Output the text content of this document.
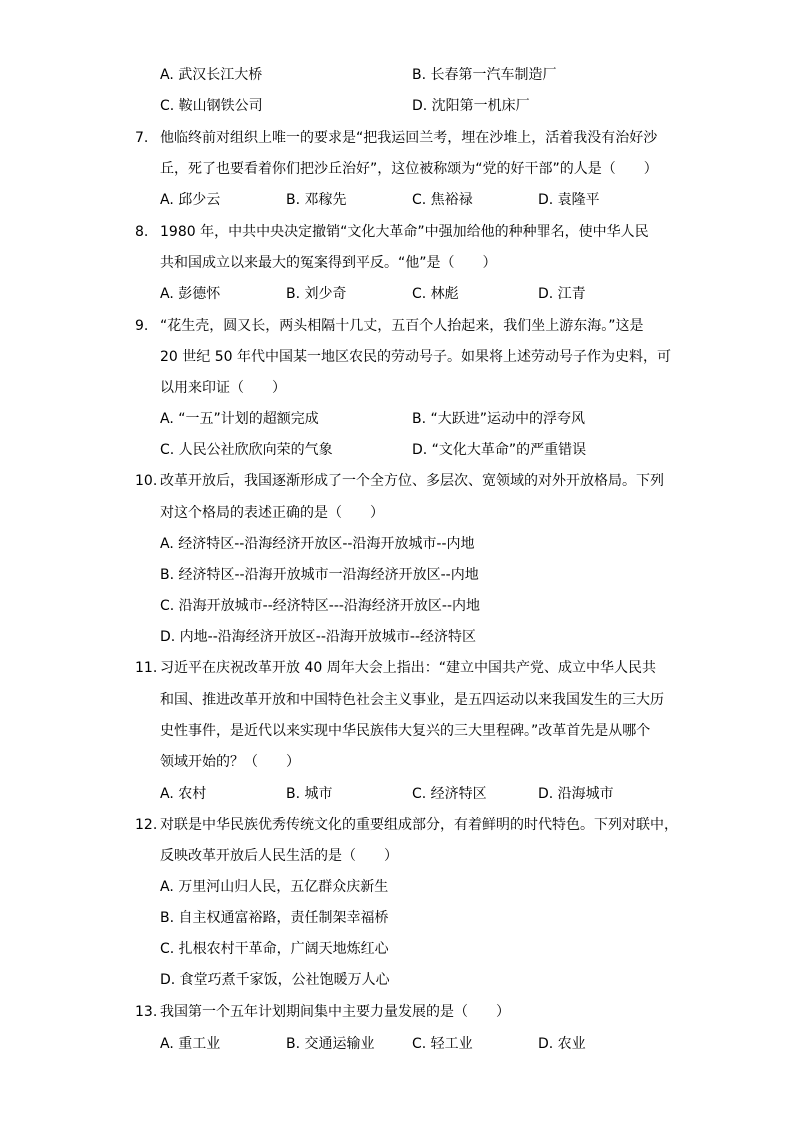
A. 武汉长江大桥	B. 长春第一汽车制造厂
C. 鞍山钢铁公司	D. 沈阳第一机床厂
7. 他临终前对组织上唯一的要求是“把我运回兰考，埋在沙堆上，活着我没有治好沙
丘，死了也要看着你们把沙丘治好”，这位被称颂为“党的好干部”的人是（　　）
A. 邱少云	B. 邓稼先	C. 焦裕禄	D. 袁隆平
8. 1980 年，中共中央决定撤销“文化大革命”中强加给他的种种罪名，使中华人民
共和国成立以来最大的冤案得到平反。“他”是（　　）
A. 彭德怀	B. 刘少奇	C. 林彪	D. 江青
9. “花生壳，圆又长，两头相隔十几丈，五百个人抬起来，我们坐上游东海。”这是
20 世纪 50 年代中国某一地区农民的劳动号子。如果将上述劳动号子作为史料，可
以用来印证（　　）
A. “一五”计划的超额完成	B. “大跃进”运动中的浮夸风
C. 人民公社欣欣向荣的气象	D. “文化大革命”的严重错误
10. 改革开放后，我国逐渐形成了一个全方位、多层次、宽领域的对外开放格局。下列
对这个格局的表述正确的是（　　）
A. 经济特区--沿海经济开放区--沿海开放城市--内地
B. 经济特区--沿海开放城市一沿海经济开放区--内地
C. 沿海开放城市--经济特区---沿海经济开放区--内地
D. 内地--沿海经济开放区--沿海开放城市--经济特区
11. 习近平在庆祝改革开放 40 周年大会上指出：“建立中国共产党、成立中华人民共
和国、推进改革开放和中国特色社会主义事业，是五四运动以来我国发生的三大历
史性事件，是近代以来实现中华民族伟大复兴的三大里程碑。”改革首先是从哪个
领域开始的？（　　）
A. 农村	B. 城市	C. 经济特区	D. 沿海城市
12. 对联是中华民族优秀传统文化的重要组成部分，有着鲜明的时代特色。下列对联中，
反映改革开放后人民生活的是（　　）
A. 万里河山归人民，五亿群众庆新生
B. 自主权通富裕路，责任制架幸福桥
C. 扎根农村干革命，广阔天地炼红心
D. 食堂巧煮千家饭，公社饱暖万人心
13. 我国第一个五年计划期间集中主要力量发展的是（　　）
A. 重工业	B. 交通运输业	C. 轻工业	D. 农业
